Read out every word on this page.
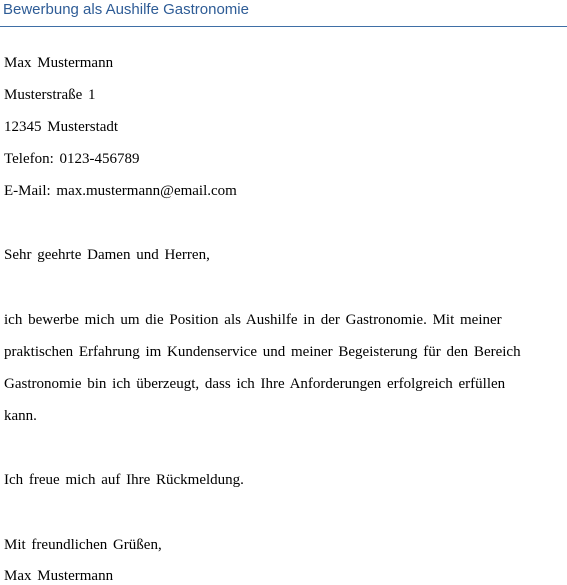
Bewerbung als Aushilfe Gastronomie
Max Mustermann
Musterstraße 1
12345 Musterstadt
Telefon: 0123-456789
E-Mail: max.mustermann@email.com
Sehr geehrte Damen und Herren,
ich bewerbe mich um die Position als Aushilfe in der Gastronomie. Mit meiner
praktischen Erfahrung im Kundenservice und meiner Begeisterung für den Bereich
Gastronomie bin ich überzeugt, dass ich Ihre Anforderungen erfolgreich erfüllen
kann.
Ich freue mich auf Ihre Rückmeldung.
Mit freundlichen Grüßen,
Max Mustermann
